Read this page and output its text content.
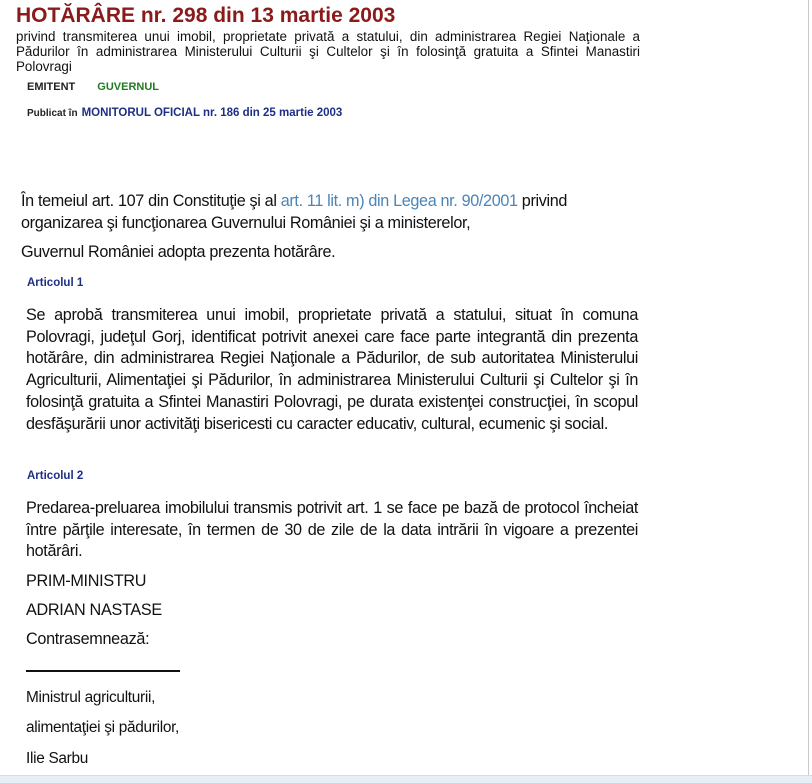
HOTĂRÂRE nr. 298 din 13 martie 2003

privind transmiterea unui imobil, proprietate privată a statului, din administrarea Regiei Naţionale a Pădurilor în administrarea Ministerului Culturii şi Cultelor şi în folosinţă gratuita a Sfintei Manastiri Polovragi

EMITENT GUVERNUL
Publicat în MONITORUL OFICIAL nr. 186 din 25 martie 2003

În temeiul art. 107 din Constituţie şi al art. 11 lit. m) din Legea nr. 90/2001 privind organizarea şi funcţionarea Guvernului României şi a ministerelor,

Guvernul României adopta prezenta hotărâre.

Articolul 1

Se aprobă transmiterea unui imobil, proprietate privată a statului, situat în comuna Polovragi, judeţul Gorj, identificat potrivit anexei care face parte integrantă din prezenta hotărâre, din administrarea Regiei Naţionale a Pădurilor, de sub autoritatea Ministerului Agriculturii, Alimentaţiei şi Pădurilor, în administrarea Ministerului Culturii şi Cultelor şi în folosinţă gratuita a Sfintei Manastiri Polovragi, pe durata existenţei construcţiei, în scopul desfăşurării unor activităţi bisericesti cu caracter educativ, cultural, ecumenic şi social.

Articolul 2

Predarea-preluarea imobilului transmis potrivit art. 1 se face pe bază de protocol încheiat între părţile interesate, în termen de 30 de zile de la data intrării în vigoare a prezentei hotărâri.

PRIM-MINISTRU

ADRIAN NASTASE

Contrasemnează:

Ministrul agriculturii,

alimentaţiei şi pădurilor,

Ilie Sarbu
